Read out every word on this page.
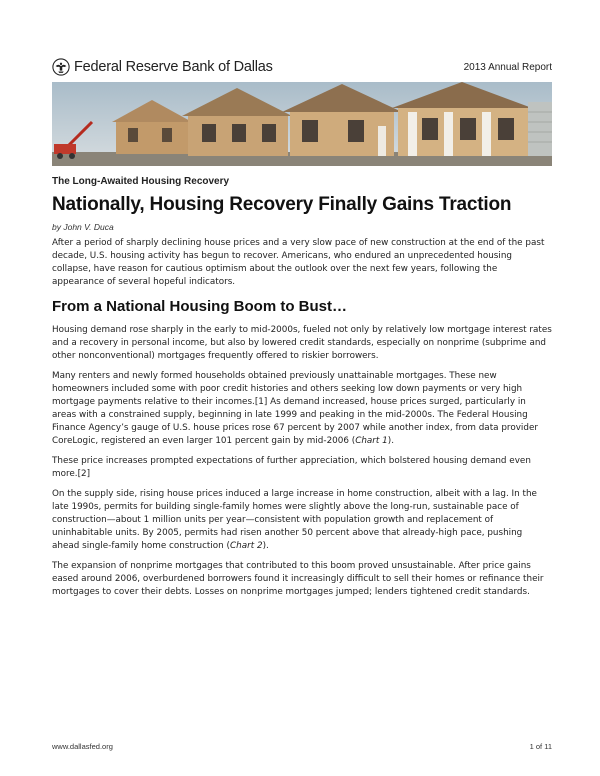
Federal Reserve Bank of Dallas	2013 Annual Report

The Long-Awaited Housing Recovery

Nationally, Housing Recovery Finally Gains Traction

by John V. Duca

After a period of sharply declining house prices and a very slow pace of new construction at the end of the past decade, U.S. housing activity has begun to recover. Americans, who endured an unprecedented housing collapse, have reason for cautious optimism about the outlook over the next few years, following the appearance of several hopeful indicators.

From a National Housing Boom to Bust…

Housing demand rose sharply in the early to mid-2000s, fueled not only by relatively low mortgage interest rates and a recovery in personal income, but also by lowered credit standards, especially on nonprime (subprime and other nonconventional) mortgages frequently offered to riskier borrowers.

Many renters and newly formed households obtained previously unattainable mortgages. These new homeowners included some with poor credit histories and others seeking low down payments or very high mortgage payments relative to their incomes.[1] As demand increased, house prices surged, particularly in areas with a constrained supply, beginning in late 1999 and peaking in the mid-2000s. The Federal Housing Finance Agency’s gauge of U.S. house prices rose 67 percent by 2007 while another index, from data provider CoreLogic, registered an even larger 101 percent gain by mid-2006 (Chart 1).

These price increases prompted expectations of further appreciation, which bolstered housing demand even more.[2]

On the supply side, rising house prices induced a large increase in home construction, albeit with a lag. In the late 1990s, permits for building single-family homes were slightly above the long-run, sustainable pace of construction—about 1 million units per year—consistent with population growth and replacement of uninhabitable units. By 2005, permits had risen another 50 percent above that already-high pace, pushing ahead single-family home construction (Chart 2).

The expansion of nonprime mortgages that contributed to this boom proved unsustainable. After price gains eased around 2006, overburdened borrowers found it increasingly difficult to sell their homes or refinance their mortgages to cover their debts. Losses on nonprime mortgages jumped; lenders tightened credit standards.

www.dallasfed.org	1 of 11
